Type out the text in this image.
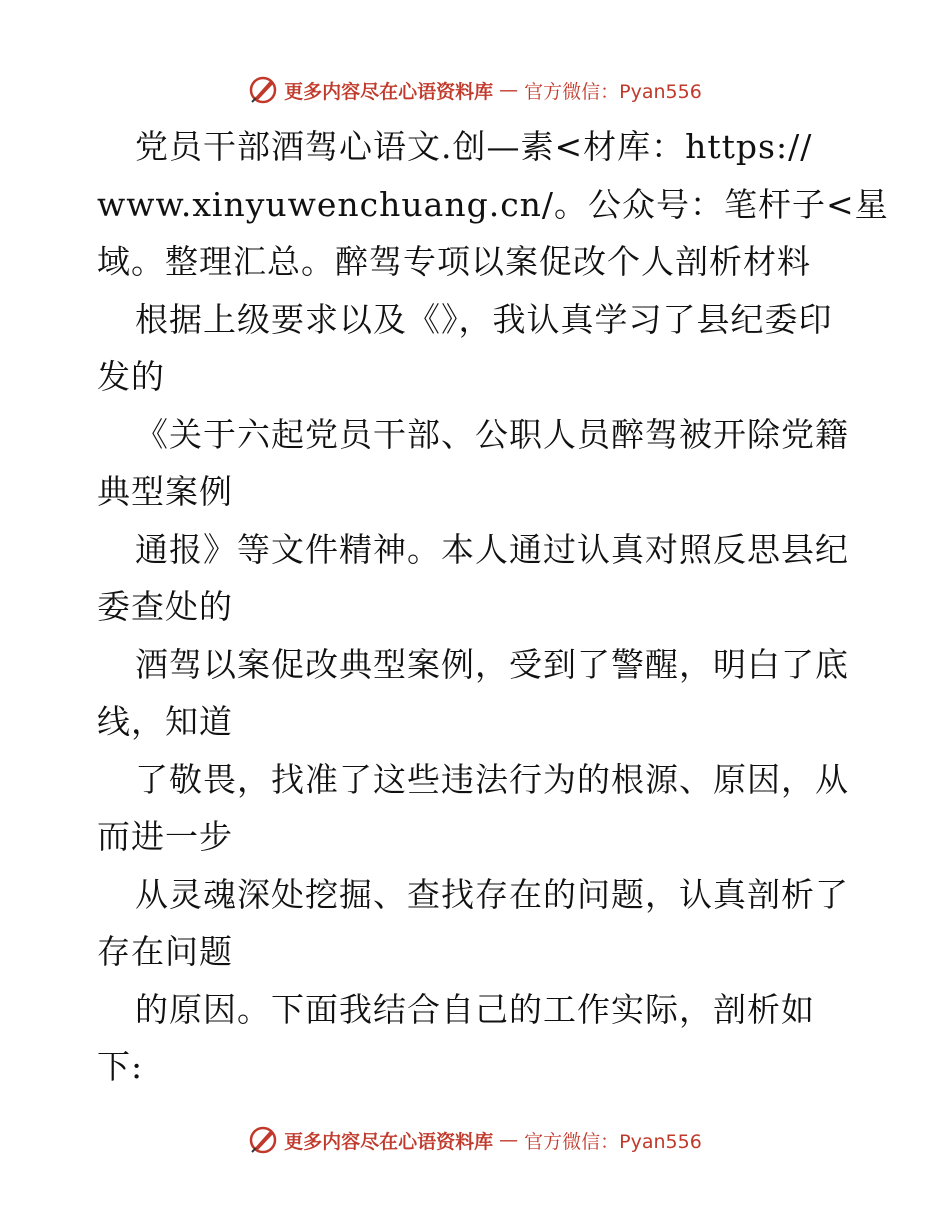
更多内容尽在心语资料库 — 官方微信：Pyan556
党员干部酒驾心语文.创—素<材库：https://
www.xinyuwenchuang.cn/。公众号：笔杆子<星
域。整理汇总。醉驾专项以案促改个人剖析材料
根据上级要求以及《》，我认真学习了县纪委印
发的
《关于六起党员干部、公职人员醉驾被开除党籍
典型案例
通报》等文件精神。本人通过认真对照反思县纪
委查处的
酒驾以案促改典型案例，受到了警醒，明白了底
线，知道
了敬畏，找准了这些违法行为的根源、原因，从
而进一步
从灵魂深处挖掘、查找存在的问题，认真剖析了
存在问题
的原因。下面我结合自己的工作实际，剖析如
下:
更多内容尽在心语资料库 — 官方微信：Pyan556
